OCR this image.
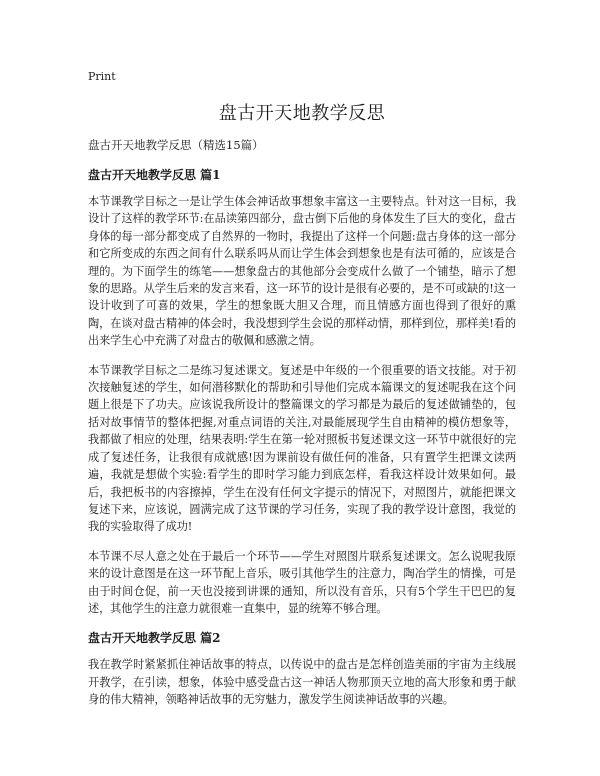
Print
盘古开天地教学反思
盘古开天地教学反思（精选15篇）
盘古开天地教学反思 篇1

本节课教学目标之一是让学生体会神话故事想象丰富这一主要特点。针对这一目标，我设计了这样的教学环节:在品读第四部分，盘古倒下后他的身体发生了巨大的变化，盘古身体的每一部分都变成了自然界的一物时，我提出了这样一个问题:盘古身体的这一部分和它所变成的东西之间有什么联系吗从而让学生体会到想象也是有法可循的，应该是合理的。为下面学生的练笔——想象盘古的其他部分会变成什么做了一个铺垫，暗示了想象的思路。从学生后来的发言来看，这一环节的设计是很有必要的，是不可或缺的!这一设计收到了可喜的效果，学生的想象既大胆又合理，而且情感方面也得到了很好的熏陶，在谈对盘古精神的体会时，我没想到学生会说的那样动情，那样到位，那样美!看的出来学生心中充满了对盘古的敬佩和感激之情。

本节课教学目标之二是练习复述课文。复述是中年级的一个很重要的语文技能。对于初次接触复述的学生，如何潜移默化的帮助和引导他们完成本篇课文的复述呢我在这个问题上很是下了功夫。应该说我所设计的整篇课文的学习都是为最后的复述做铺垫的，包括对故事情节的整体把握,对重点词语的关注,对最能展现学生自由精神的模仿想象等，我都做了相应的处理，结果表明:学生在第一轮对照板书复述课文这一环节中就很好的完成了复述任务，让我很有成就感!因为课前设有做任何的准备，只有置学生把课文读两遍，我就是想做个实验:看学生的即时学习能力到底怎样，看我这样设计效果如何。最后，我把板书的内容擦掉，学生在没有任何文字提示的情况下，对照图片，就能把课文复述下来，应该说，圆满完成了这节课的学习任务，实现了我的教学设计意图，我觉的我的实验取得了成功!

本节课不尽人意之处在于最后一个环节——学生对照图片联系复述课文。怎么说呢我原来的设计意图是在这一环节配上音乐，吸引其他学生的注意力，陶冶学生的情操，可是由于时间仓促，前一天也没接到讲课的通知，所以没有音乐，只有5个学生干巴巴的复述，其他学生的注意力就很难一直集中，显的统筹不够合理。

盘古开天地教学反思 篇2

我在教学时紧紧抓住神话故事的特点，以传说中的盘古是怎样创造美丽的宇宙为主线展开教学，在引读，想象，体验中感受盘古这一神话人物那顶天立地的高大形象和勇于献身的伟大精神，领略神话故事的无穷魅力，激发学生阅读神话故事的兴趣。
